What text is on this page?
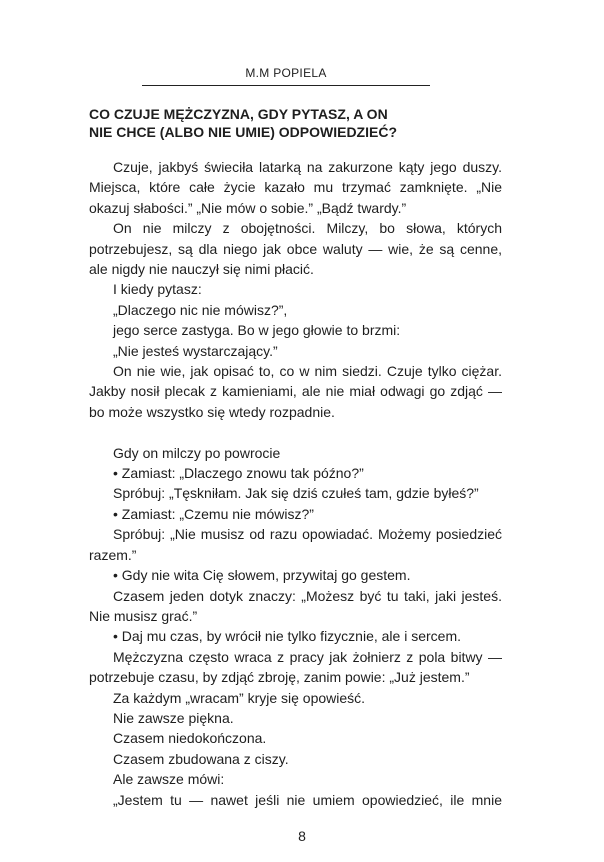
M.M POPIELA
CO CZUJE MĘŻCZYZNA, GDY PYTASZ, A ON
NIE CHCE (ALBO NIE UMIE) ODPOWIEDZIEĆ?

Czuje, jakbyś świeciła latarką na zakurzone kąty jego duszy. Miejsca, które całe życie kazało mu trzymać zamknięte. „Nie okazuj słabości.” „Nie mów o sobie.” „Bądź twardy.”

On nie milczy z obojętności. Milczy, bo słowa, których potrzebujesz, są dla niego jak obce waluty — wie, że są cenne, ale nigdy nie nauczył się nimi płacić.

I kiedy pytasz:

„Dlaczego nic nie mówisz?”,

jego serce zastyga. Bo w jego głowie to brzmi:

„Nie jesteś wystarczający.”

On nie wie, jak opisać to, co w nim siedzi. Czuje tylko ciężar. Jakby nosił plecak z kamieniami, ale nie miał odwagi go zdjąć — bo może wszystko się wtedy rozpadnie.

Gdy on milczy po powrocie

• Zamiast: „Dlaczego znowu tak późno?”

Spróbuj: „Tęskniłam. Jak się dziś czułeś tam, gdzie byłeś?”

• Zamiast: „Czemu nie mówisz?”

Spróbuj: „Nie musisz od razu opowiadać. Możemy posiedzieć razem.”

• Gdy nie wita Cię słowem, przywitaj go gestem.

Czasem jeden dotyk znaczy: „Możesz być tu taki, jaki jesteś. Nie musisz grać.”

• Daj mu czas, by wrócił nie tylko fizycznie, ale i sercem.

Mężczyzna często wraca z pracy jak żołnierz z pola bitwy — potrzebuje czasu, by zdjąć zbroję, zanim powie: „Już jestem.”

Za każdym „wracam” kryje się opowieść.

Nie zawsze piękna.

Czasem niedokończona.

Czasem zbudowana z ciszy.

Ale zawsze mówi:

„Jestem tu — nawet jeśli nie umiem opowiedzieć, ile mnie

8
